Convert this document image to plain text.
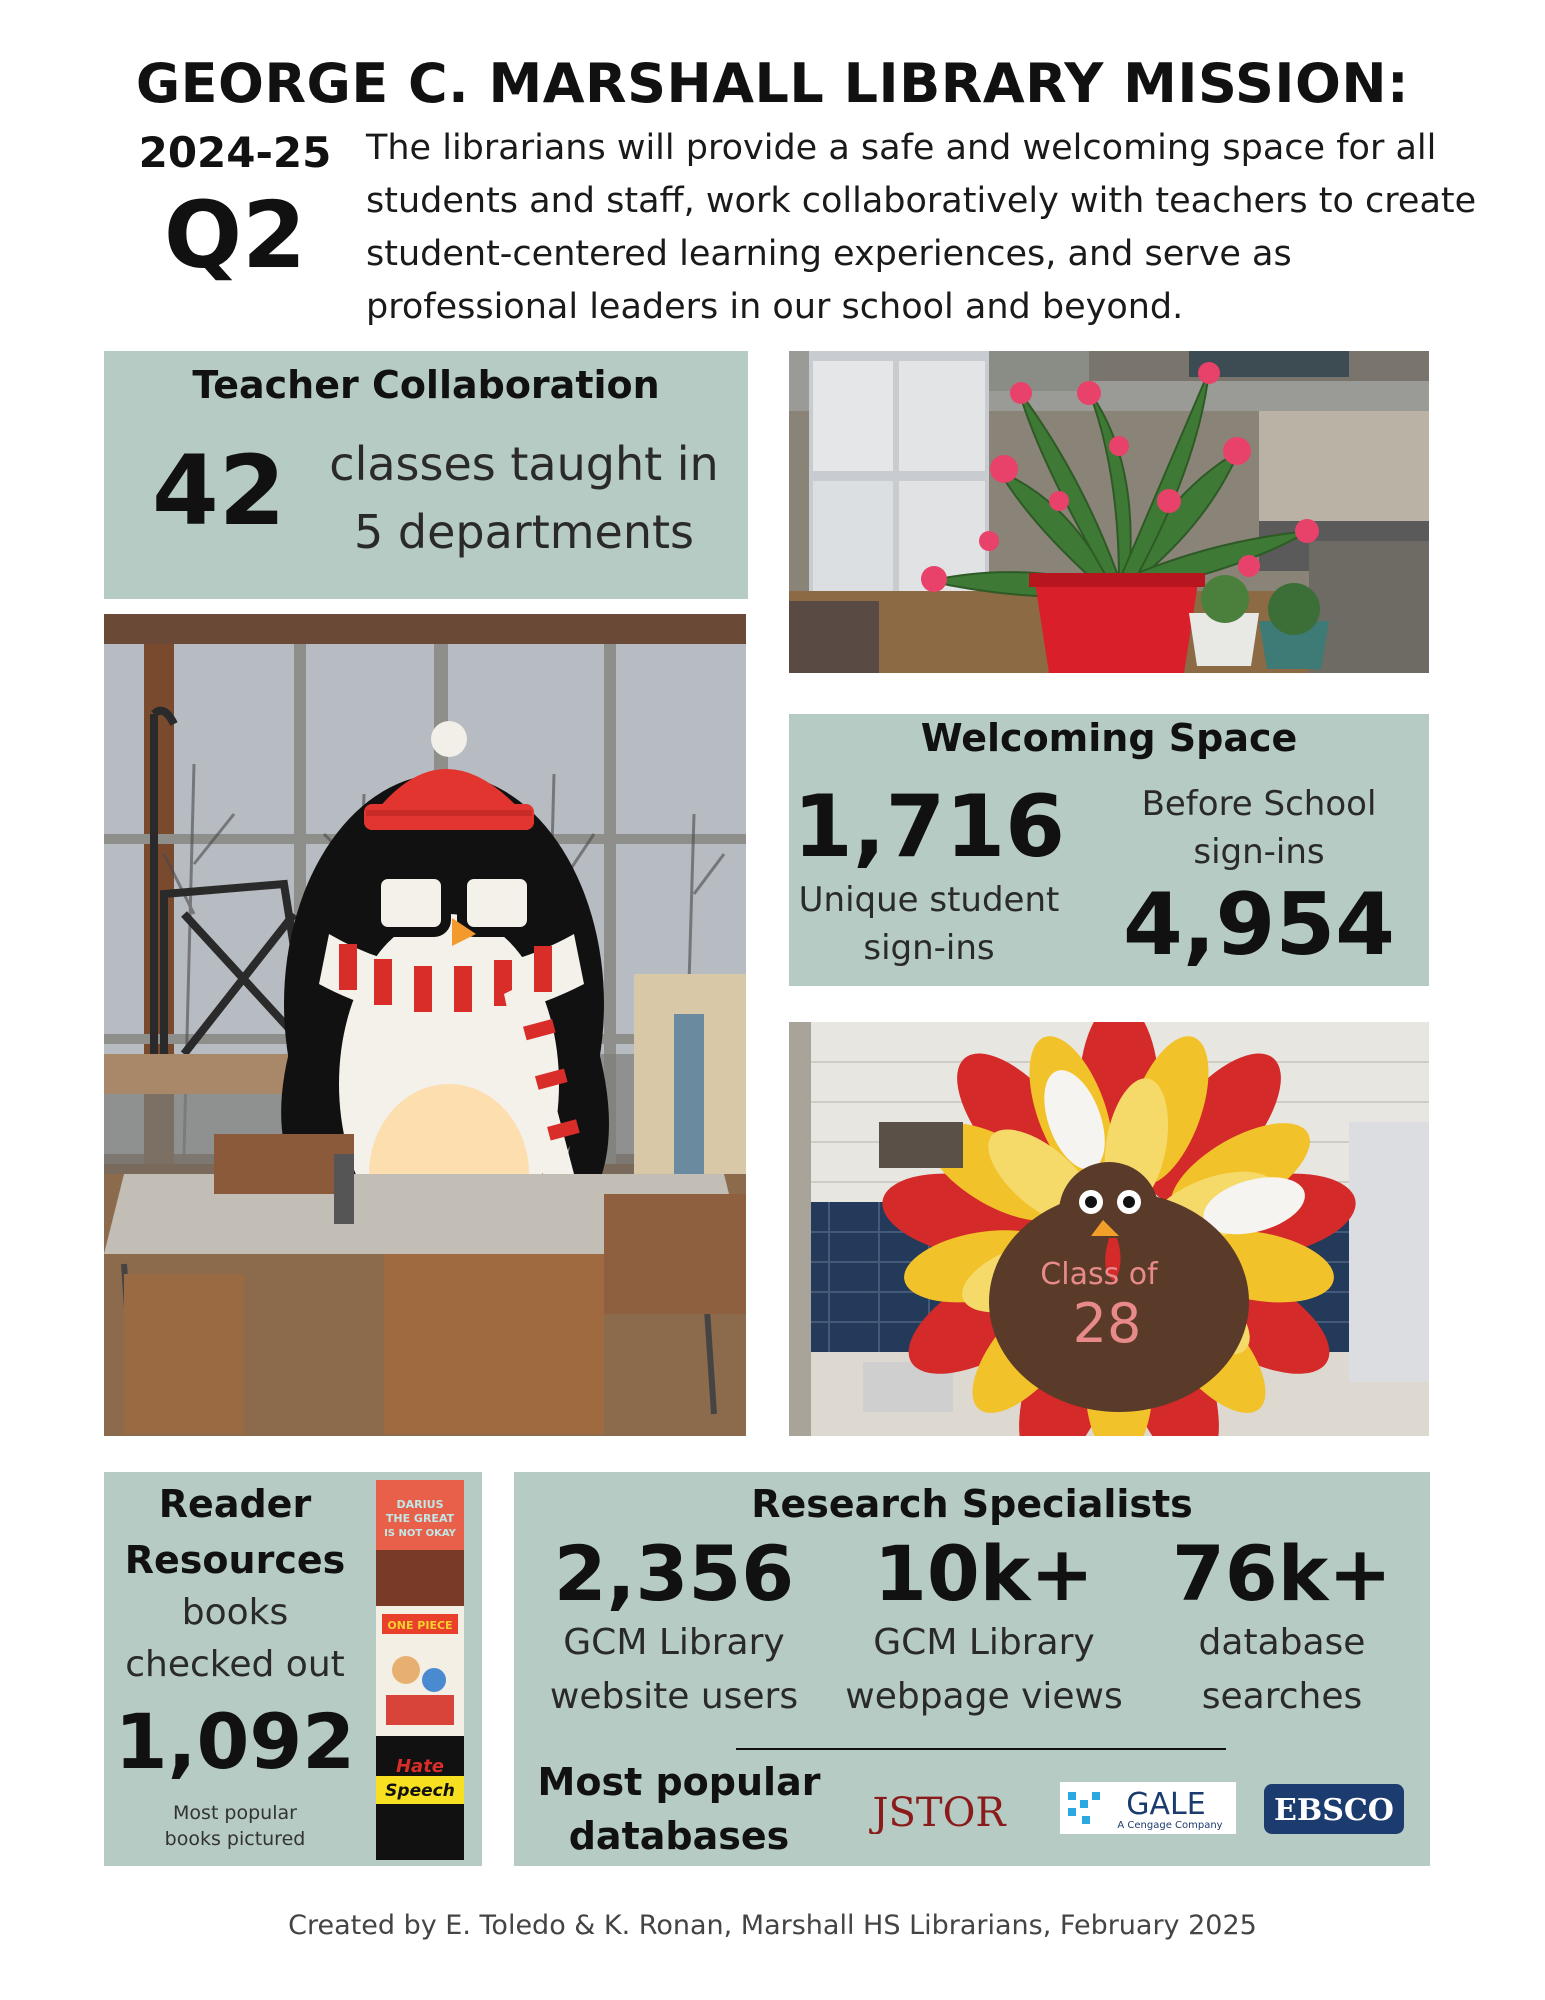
GEORGE C. MARSHALL LIBRARY MISSION:
2024-25
Q2
The librarians will provide a safe and welcoming space for all
students and staff, work collaboratively with teachers to create
student-centered learning experiences, and serve as
professional leaders in our school and beyond.
Teacher Collaboration
42 classes taught in
5 departments
Welcoming Space
1,716
Unique student
sign-ins
Before School
sign-ins
4,954
Class of
28
Reader
Resources
books
checked out
1,092
Most popular
books pictured
DARIUS
THE GREAT
IS NOT OKAY
ONE PIECE
Hate
Speech
Research Specialists
2,356
GCM Library
website users
10k+
GCM Library
webpage views
76k+
database
searches
Most popular
databases	JSTOR	GALE
A Cengage Company EBSCO
Created by E. Toledo & K. Ronan, Marshall HS Librarians, February 2025
